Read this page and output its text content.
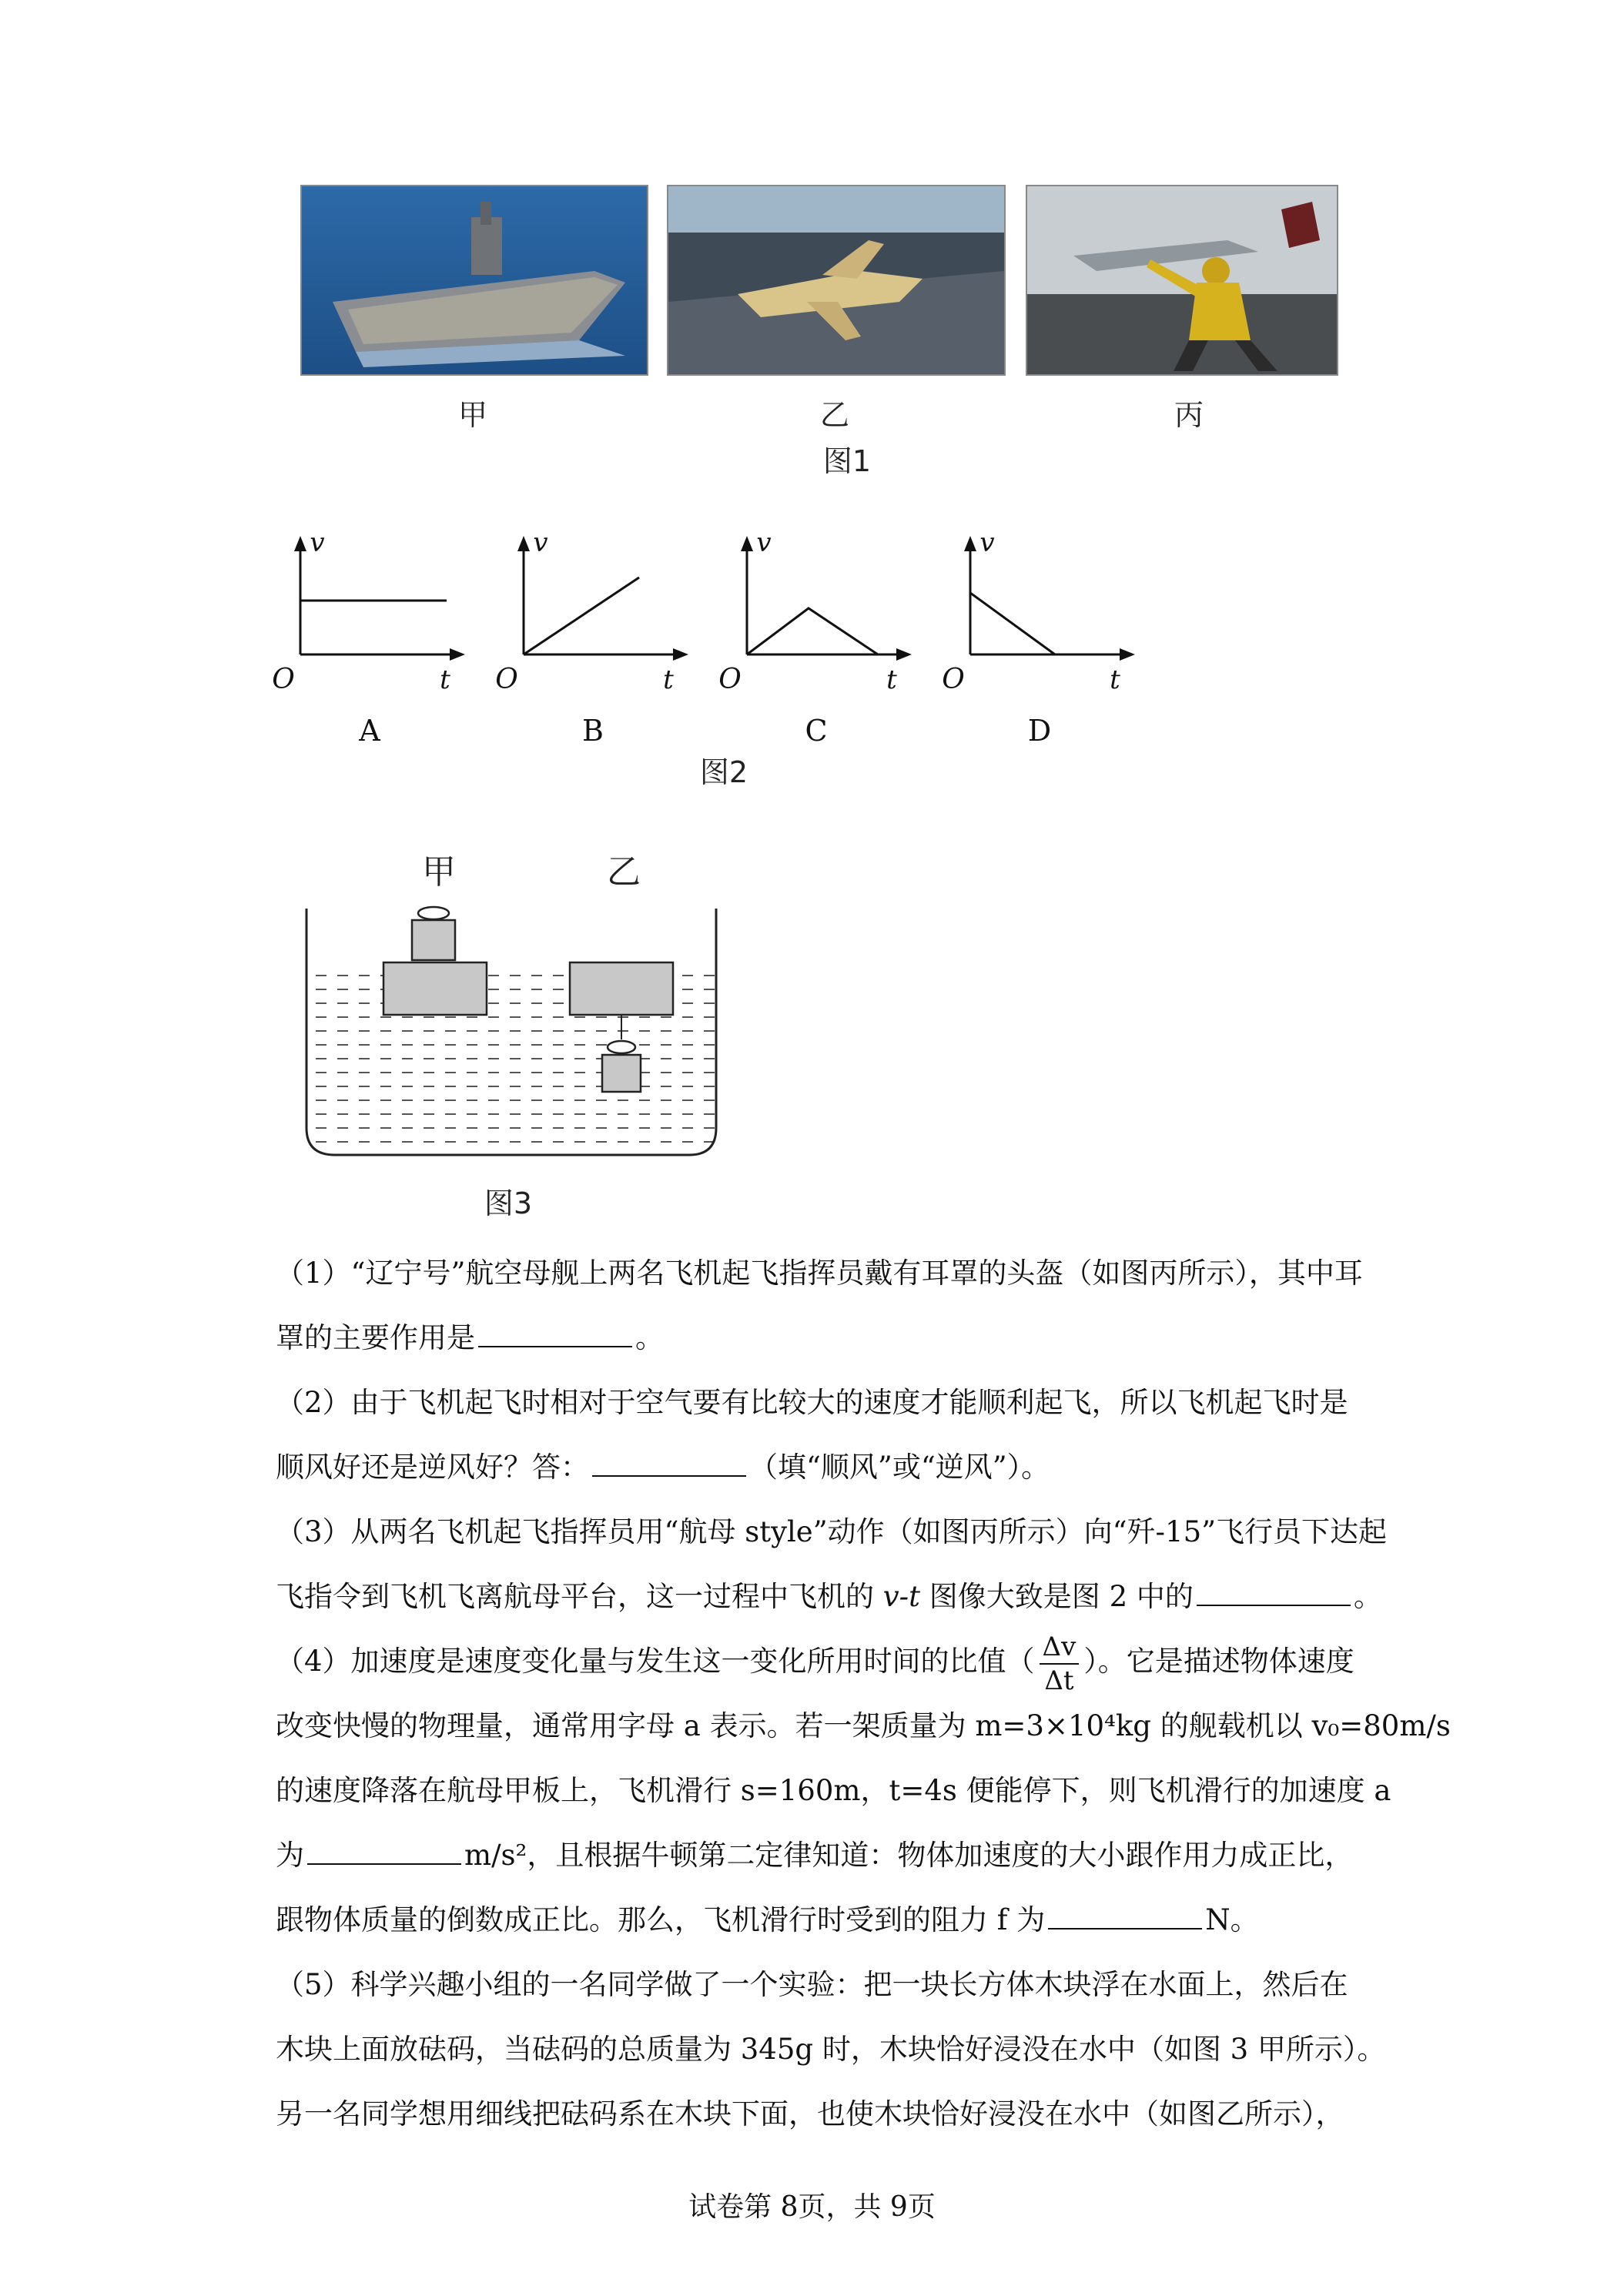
甲	乙	丙
图1
v
O	t
A
v
O	t
B
v
O	t
C
v
O	t
D
图2
甲	乙
图3
（1）“辽宁号”航空母舰上两名飞机起飞指挥员戴有耳罩的头盔（如图丙所示），其中耳
罩的主要作用是	。
（2）由于飞机起飞时相对于空气要有比较大的速度才能顺利起飞，所以飞机起飞时是
顺风好还是逆风好？答：	（填“顺风”或“逆风”）。
（3）从两名飞机起飞指挥员用“航母 style”动作（如图丙所示）向“歼-15”飞行员下达起
飞指令到飞机飞离航母平台，这一过程中飞机的 v-t 图像大致是图 2 中的	。
（4）加速度是速度变化量与发生这一变化所用时间的比值（ $\frac{\Delta v}{\Delta t}$ ）。它是描述物体速度
改变快慢的物理量，通常用字母 a 表示。若一架质量为 m=3×10⁴kg 的舰载机以 v₀=80m/s
的速度降落在航母甲板上，飞机滑行 s=160m，t=4s 便能停下，则飞机滑行的加速度 a
为	m/s²，且根据牛顿第二定律知道：物体加速度的大小跟作用力成正比，
跟物体质量的倒数成正比。那么，飞机滑行时受到的阻力 f 为	N。
（5）科学兴趣小组的一名同学做了一个实验：把一块长方体木块浮在水面上，然后在
木块上面放砝码，当砝码的总质量为 345g 时，木块恰好浸没在水中（如图 3 甲所示）。
另一名同学想用细线把砝码系在木块下面，也使木块恰好浸没在水中（如图乙所示），
试卷第 8页，共 9页
